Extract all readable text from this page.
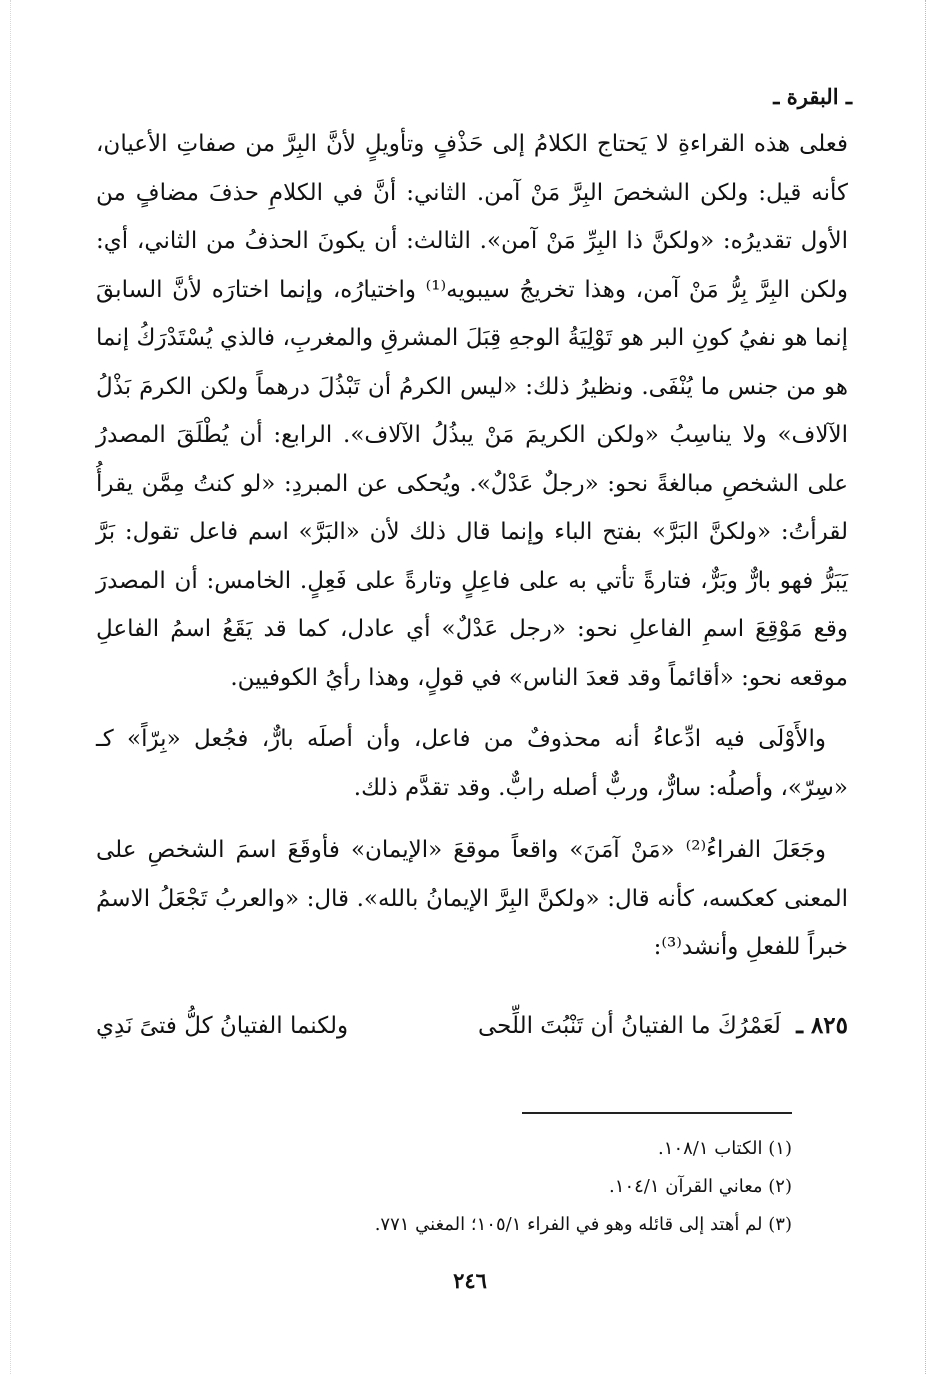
ـ البقرة ـ

فعلى هذه القراءةِ لا يَحتاج الكلامُ إلى حَذْفٍ وتأويلٍ لأنَّ البِرَّ من صفاتِ الأعيان، كأنه قيل: ولكن الشخصَ البِرَّ مَنْ آمن. الثاني: أنَّ في الكلامِ حذفَ مضافٍ من الأول تقديرُه: «ولكنَّ ذا البِرِّ مَنْ آمن». الثالث: أن يكونَ الحذفُ من الثاني، أي: ولكن البِرَّ بِرُّ مَنْ آمن، وهذا تخريجُ سيبويه⁽¹⁾ واختيارُه، وإنما اختارَه لأنَّ السابقَ إنما هو نفيُ كونِ البر هو تَوْلِيَةُ الوجهِ قِبَلَ المشرقِ والمغربِ، فالذي يُسْتَدْرَكُ إنما هو من جنس ما يُنْفَى. ونظيرُ ذلك: «ليس الكرمُ أن تَبْذُلَ درهماً ولكن الكرمَ بَذْلُ الآلاف» ولا يناسِبُ «ولكن الكريمَ مَنْ يبذُلُ الآلاف». الرابع: أن يُطْلَقَ المصدرُ على الشخصِ مبالغةً نحو: «رجلٌ عَدْلٌ». ويُحكى عن المبردِ: «لو كنتُ مِمَّن يقرأُ لقرأتُ: «ولكنَّ البَرَّ» بفتح الباء وإنما قال ذلك لأن «البَرَّ» اسم فاعل تقول: بَرَّ يَبَرُّ فهو بارٌّ وبَرٌّ، فتارةً تأتي به على فاعِلٍ وتارةً على فَعِلٍ. الخامس: أن المصدرَ وقع مَوْقِعَ اسمِ الفاعلِ نحو: «رجل عَدْلٌ» أي عادل، كما قد يَقَعُ اسمُ الفاعلِ موقعه نحو: «أقائماً وقد قعدَ الناس» في قولٍ، وهذا رأيُ الكوفيين.

والأَوْلَى فيه ادِّعاءُ أنه محذوفٌ من فاعل، وأن أصلَه بارٌّ، فجُعل «بِرّاً» كـ «سِرّ»، وأصلُه: سارٌّ، وربٌّ أصله رابٌّ. وقد تقدَّم ذلك.

وجَعَلَ الفراءُ⁽²⁾ «مَنْ آمَنَ» واقعاً موقعَ «الإيمان» فأوقَعَ اسمَ الشخصِ على المعنى كعكسه، كأنه قال: «ولكنَّ البِرَّ الإيمانُ بالله». قال: «والعربُ تَجْعَلُ الاسمُ خبراً للفعلِ وأنشد⁽³⁾:

٨٢٥ ـ لَعَمْرُكَ ما الفتيانُ أن تَنْبُتَ اللِّحى
ولكنما الفتيانُ كلُّ فتىً نَدِي
(١) الكتاب ١٠٨/١.
(٢) معاني القرآن ١٠٤/١.
(٣) لم أهتد إلى قائله وهو في الفراء ١٠٥/١؛ المغني ٧٧١.
٢٤٦
